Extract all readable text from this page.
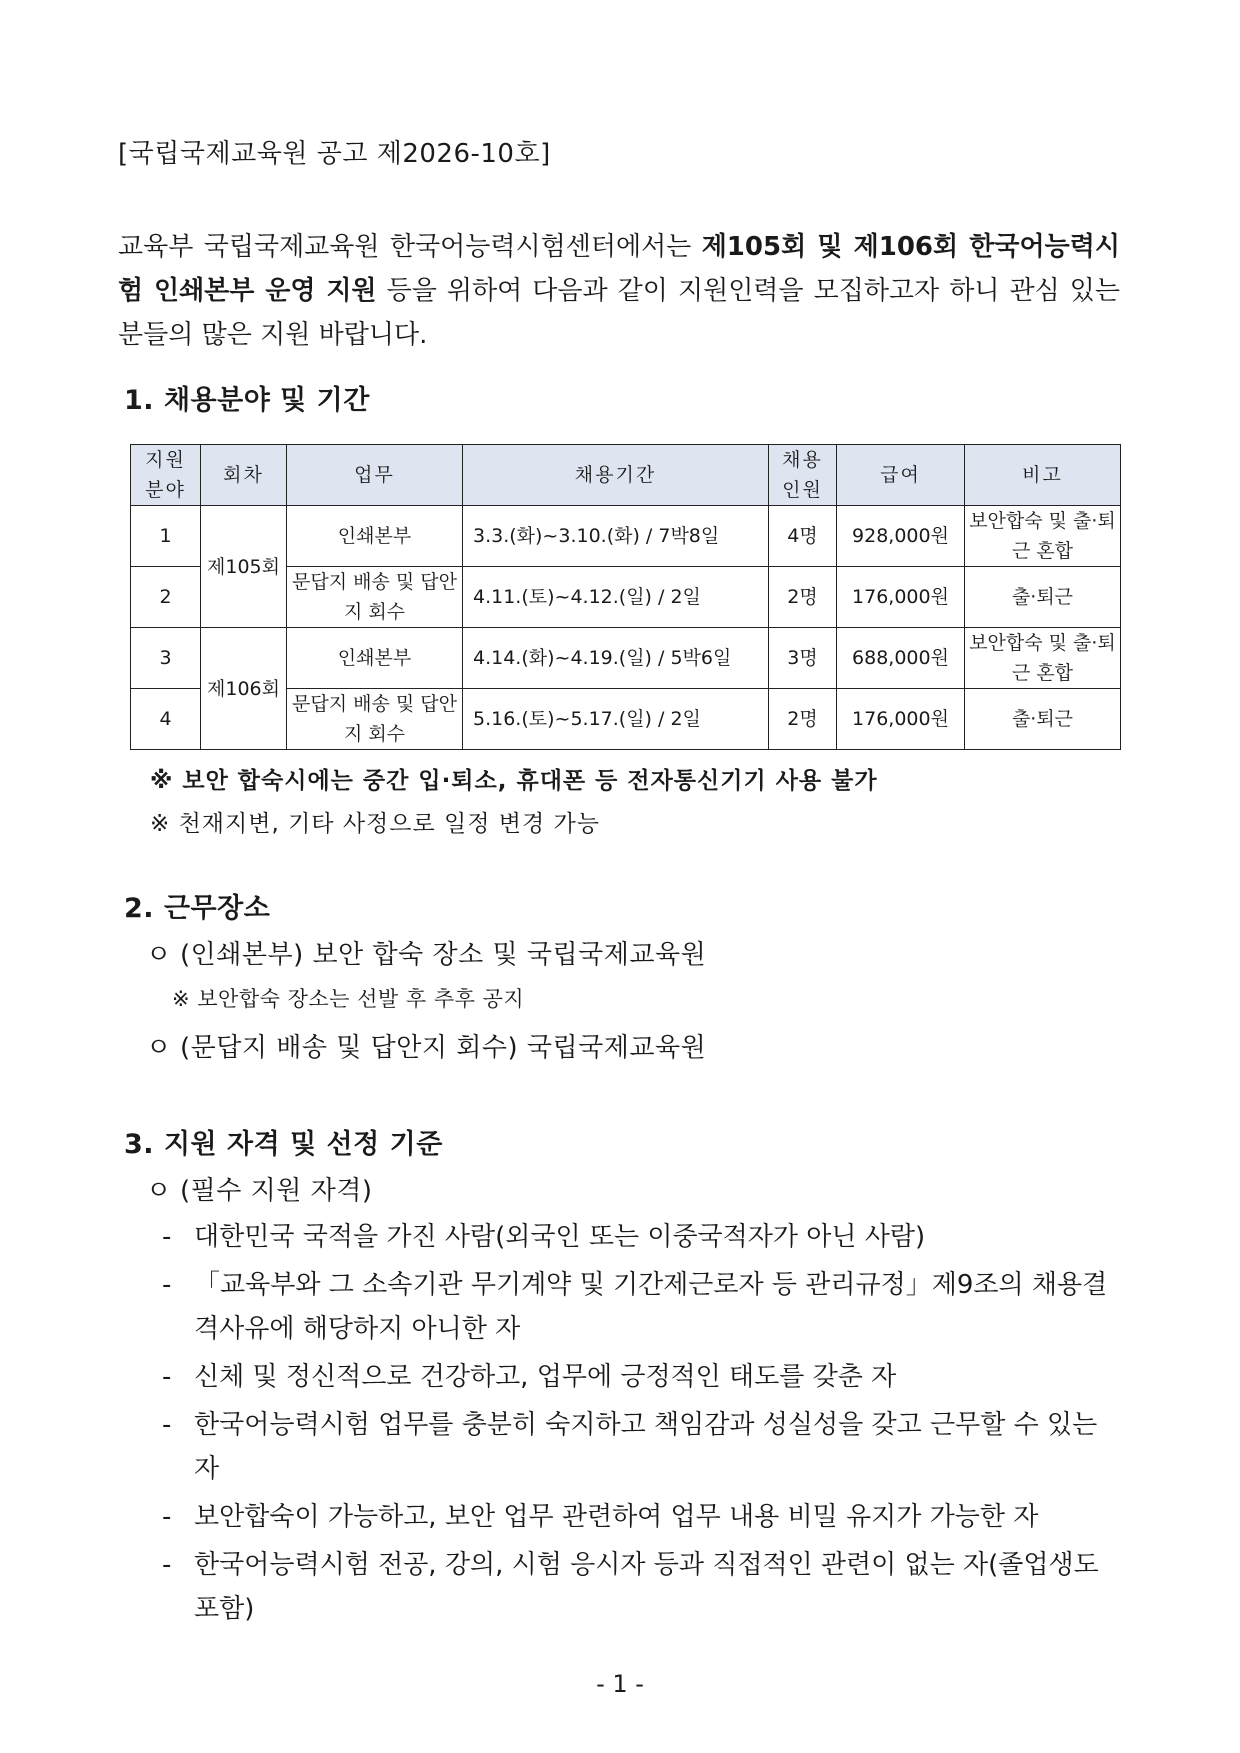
[국립국제교육원 공고 제2026-10호]
교육부 국립국제교육원 한국어능력시험센터에서는 제105회 및 제106회 한국어능력시험 인쇄본부 운영 지원 등을 위하여 다음과 같이 지원인력을 모집하고자 하니 관심 있는 분들의 많은 지원 바랍니다.
1. 채용분야 및 기간
지원 분야	회차	업무	채용기간	채용 인원	급여	비고
1	제105회	인쇄본부	3.3.(화)~3.10.(화) / 7박8일	4명	928,000원	보안합숙 및 출·퇴근 혼합
2		문답지 배송 및 답안지 회수	4.11.(토)~4.12.(일) / 2일	2명	176,000원	출·퇴근
3	제106회	인쇄본부	4.14.(화)~4.19.(일) / 5박6일	3명	688,000원	보안합숙 및 출·퇴근 혼합
4		문답지 배송 및 답안지 회수	5.16.(토)~5.17.(일) / 2일	2명	176,000원	출·퇴근
※ 보안 합숙시에는 중간 입·퇴소, 휴대폰 등 전자통신기기 사용 불가
※ 천재지변, 기타 사정으로 일정 변경 가능
2. 근무장소
ㅇ (인쇄본부) 보안 합숙 장소 및 국립국제교육원
※ 보안합숙 장소는 선발 후 추후 공지
ㅇ (문답지 배송 및 답안지 회수) 국립국제교육원
3. 지원 자격 및 선정 기준
ㅇ (필수 지원 자격)
- 대한민국 국적을 가진 사람(외국인 또는 이중국적자가 아닌 사람)
- 「교육부와 그 소속기관 무기계약 및 기간제근로자 등 관리규정」제9조의 채용결격사유에 해당하지 아니한 자
- 신체 및 정신적으로 건강하고, 업무에 긍정적인 태도를 갖춘 자
- 한국어능력시험 업무를 충분히 숙지하고 책임감과 성실성을 갖고 근무할 수 있는 자
- 보안합숙이 가능하고, 보안 업무 관련하여 업무 내용 비밀 유지가 가능한 자
- 한국어능력시험 전공, 강의, 시험 응시자 등과 직접적인 관련이 없는 자(졸업생도 포함)
- 1 -
